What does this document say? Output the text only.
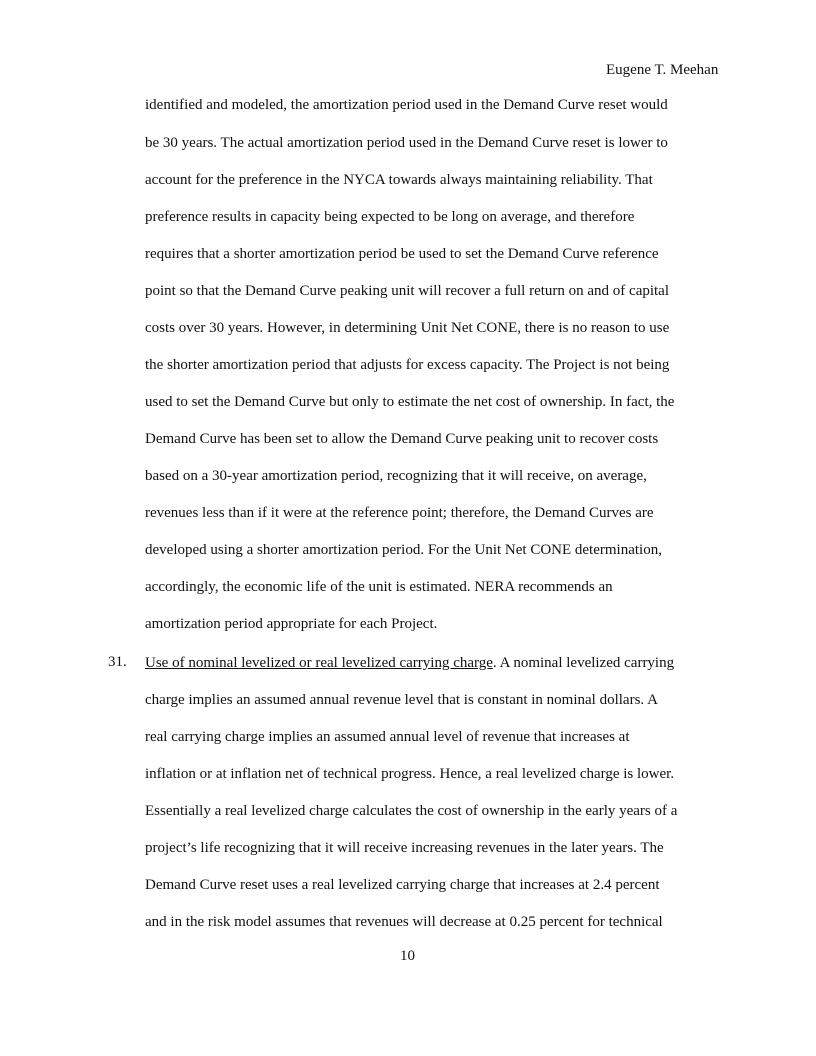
Eugene T. Meehan
identified and modeled, the amortization period used in the Demand Curve reset would
be 30 years. The actual amortization period used in the Demand Curve reset is lower to
account for the preference in the NYCA towards always maintaining reliability. That
preference results in capacity being expected to be long on average, and therefore
requires that a shorter amortization period be used to set the Demand Curve reference
point so that the Demand Curve peaking unit will recover a full return on and of capital
costs over 30 years. However, in determining Unit Net CONE, there is no reason to use
the shorter amortization period that adjusts for excess capacity. The Project is not being
used to set the Demand Curve but only to estimate the net cost of ownership. In fact, the
Demand Curve has been set to allow the Demand Curve peaking unit to recover costs
based on a 30-year amortization period, recognizing that it will receive, on average,
revenues less than if it were at the reference point; therefore, the Demand Curves are
developed using a shorter amortization period. For the Unit Net CONE determination,
accordingly, the economic life of the unit is estimated. NERA recommends an
amortization period appropriate for each Project.
31. Use of nominal levelized or real levelized carrying charge. A nominal levelized carrying
charge implies an assumed annual revenue level that is constant in nominal dollars. A
real carrying charge implies an assumed annual level of revenue that increases at
inflation or at inflation net of technical progress. Hence, a real levelized charge is lower.
Essentially a real levelized charge calculates the cost of ownership in the early years of a
project’s life recognizing that it will receive increasing revenues in the later years. The
Demand Curve reset uses a real levelized carrying charge that increases at 2.4 percent
and in the risk model assumes that revenues will decrease at 0.25 percent for technical
10
